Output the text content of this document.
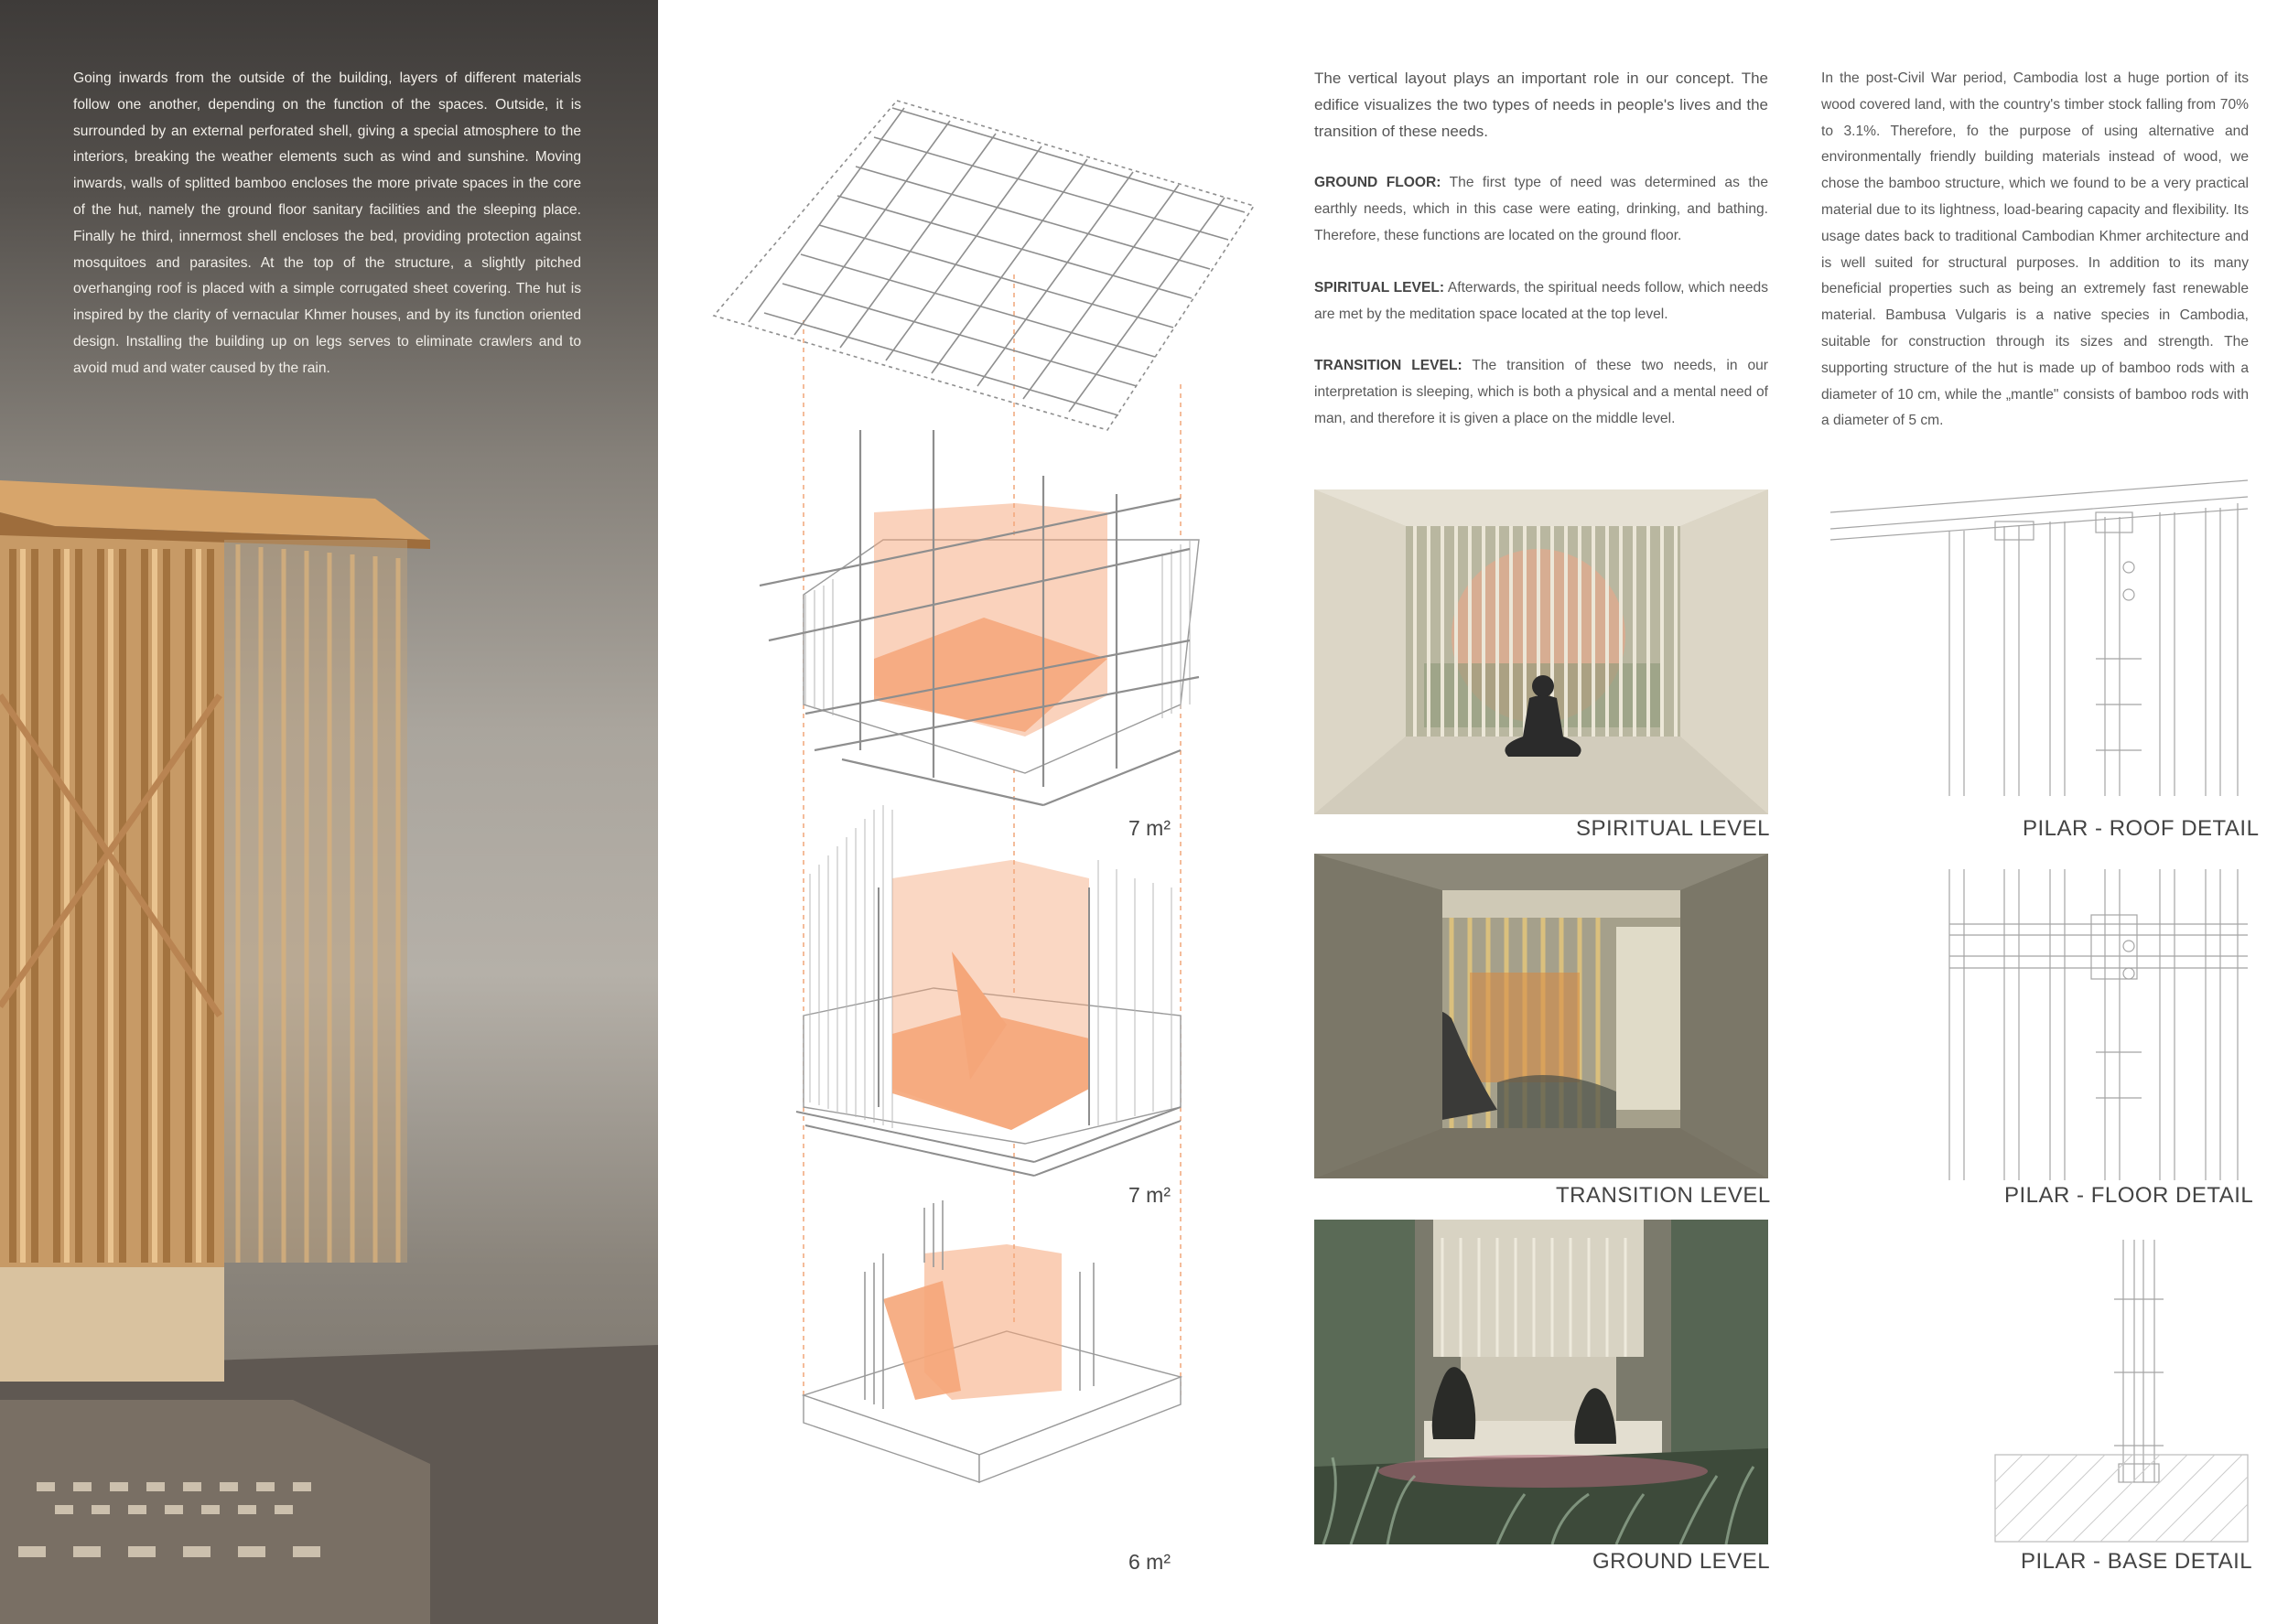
Going inwards from the outside of the building, layers of different materials follow one another, depending on the function of the spaces. Outside, it is surrounded by an external perforated shell, giving a special atmosphere to the interiors, breaking the weather elements such as wind and sunshine. Moving inwards, walls of splitted bamboo encloses the more private spaces in the core of the hut, namely the ground floor sanitary facilities and the sleeping place. Finally he third, innermost shell encloses the bed, providing protection against mosquitoes and parasites. At the top of the structure, a slightly pitched overhanging roof is placed with a simple corrugated sheet covering. The hut is inspired by the clarity of vernacular Khmer houses, and by its function oriented design. Installing the building up on legs serves to eliminate crawlers and to avoid mud and water caused by the rain.

7 m²
7 m²
6 m²

The vertical layout plays an important role in our concept. The edifice visualizes the two types of needs in people's lives and the transition of these needs.

GROUND FLOOR: The first type of need was determined as the earthly needs, which in this case were eating, drinking, and bathing. Therefore, these functions are located on the ground floor.

SPIRITUAL LEVEL: Afterwards, the spiritual needs follow, which needs are met by the meditation space located at the top level.

TRANSITION LEVEL: The transition of these two needs, in our interpretation is sleeping, which is both a physical and a mental need of man, and therefore it is given a place on the middle level.

In the post-Civil War period, Cambodia lost a huge portion of its wood covered land, with the country's timber stock falling from 70% to 3.1%. Therefore, fo the purpose of using alternative and environmentally friendly building materials instead of wood, we chose the bamboo structure, which we found to be a very practical material due to its lightness, load-bearing capacity and flexibility. Its usage dates back to traditional Cambodian Khmer architecture and is well suited for structural purposes. In addition to its many beneficial properties such as being an extremely fast renewable material. Bambusa Vulgaris is a native species in Cambodia, suitable for construction through its sizes and strength. The supporting structure of the hut is made up of bamboo rods with a diameter of 10 cm, while the „mantle" consists of bamboo rods with a diameter of 5 cm.

SPIRITUAL LEVEL
TRANSITION LEVEL
GROUND LEVEL
PILAR - ROOF DETAIL
PILAR - FLOOR DETAIL
PILAR - BASE DETAIL
